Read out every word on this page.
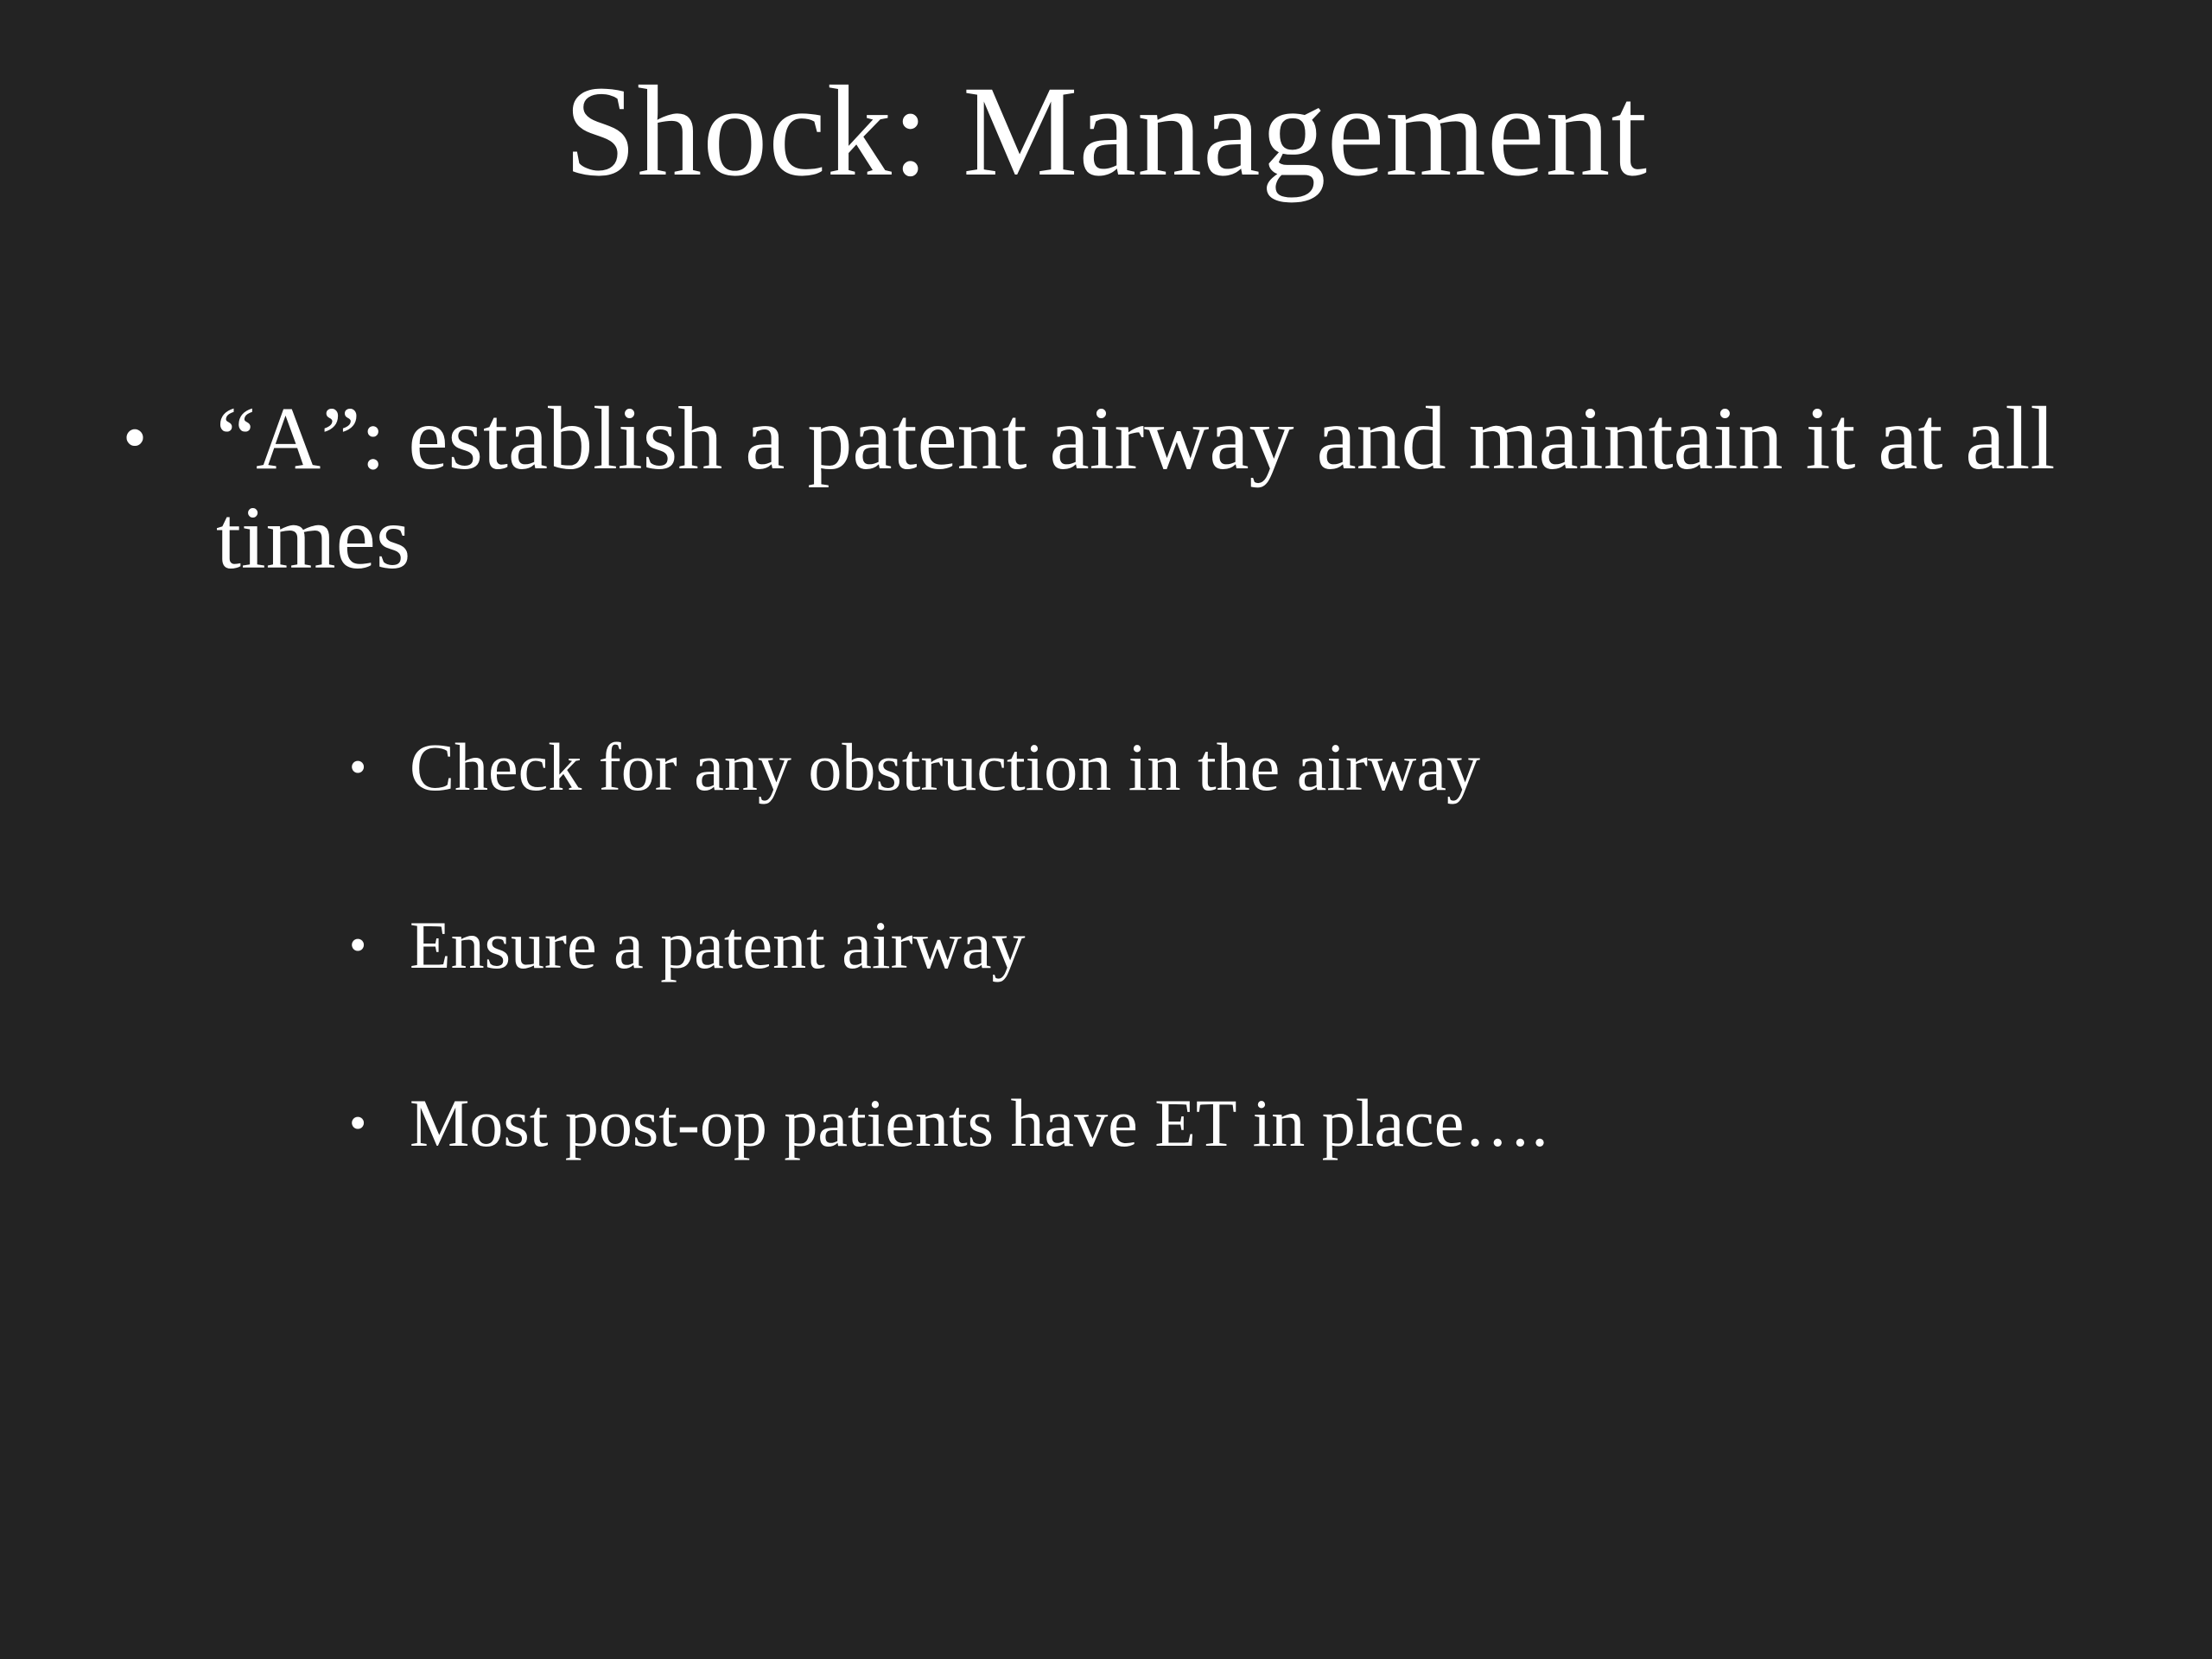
Shock: Management
• “A”: establish a patent airway and maintain it at all times
• Check for any obstruction in the airway
• Ensure a patent airway
• Most post-op patients have ET in place….
